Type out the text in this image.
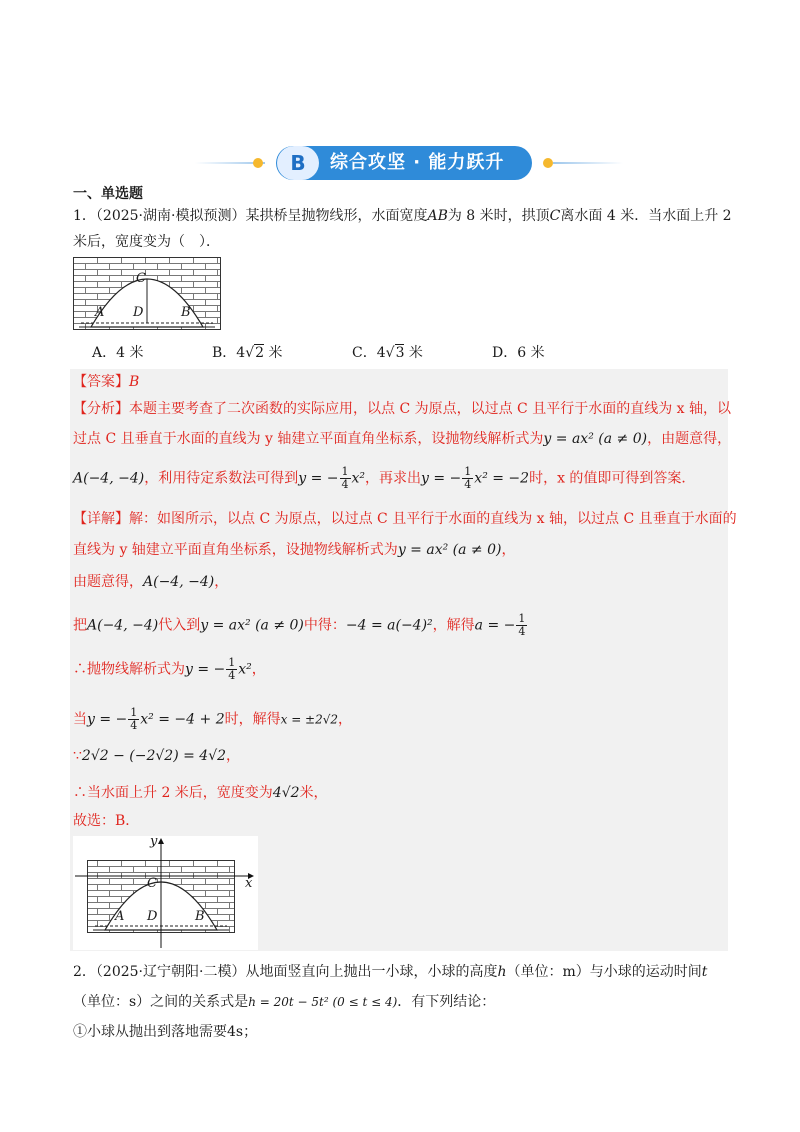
B	综合攻坚 · 能力跃升
一、单选题
1．（2025·湖南·模拟预测）某拱桥呈抛物线形，水面宽度AB为 8 米时，拱顶C离水面 4 米．当水面上升 2
米后，宽度变为（　）．
C
A D	B
A．4 米	B．4√2 米	C．4√3 米	D．6 米
【答案】B
【分析】本题主要考查了二次函数的实际应用，以点 C 为原点，以过点 C 且平行于水面的直线为 x 轴，以
过点 C 且垂直于水面的直线为 y 轴建立平面直角坐标系，设抛物线解析式为y = ax² (a ≠ 0)，由题意得，
A(−4, −4)，利用待定系数法可得到y = − $\frac{1}{4} x^2$，再求出y = − $\frac{1}{4} x^2 = -2$时，x 的值即可得到答案．
【详解】解：如图所示，以点 C 为原点，以过点 C 且平行于水面的直线为 x 轴，以过点 C 且垂直于水面的
直线为 y 轴建立平面直角坐标系，设抛物线解析式为y = ax² (a ≠ 0)，
由题意得，A(−4, −4)，
把A(−4, −4)代入到y = ax² (a ≠ 0)中得：−4 = a(−4)²，解得a = − $\frac{1}{4}$
∴抛物线解析式为y = − $\frac{1}{4} x^2$，
当y = − $\frac{1}{4} x^2 = -4 + 2$时，解得x = ±2√2，
∵2√2 − (−2√2) = 4√2，
∴当水面上升 2 米后，宽度变为4√2米，
故选：B．
y
x
C
A D	B
2．（2025·辽宁朝阳·二模）从地面竖直向上抛出一小球，小球的高度h（单位：m）与小球的运动时间t
（单位：s）之间的关系式是h = 20t − 5t² (0 ≤ t ≤ 4)．有下列结论：
①小球从抛出到落地需要4s；
